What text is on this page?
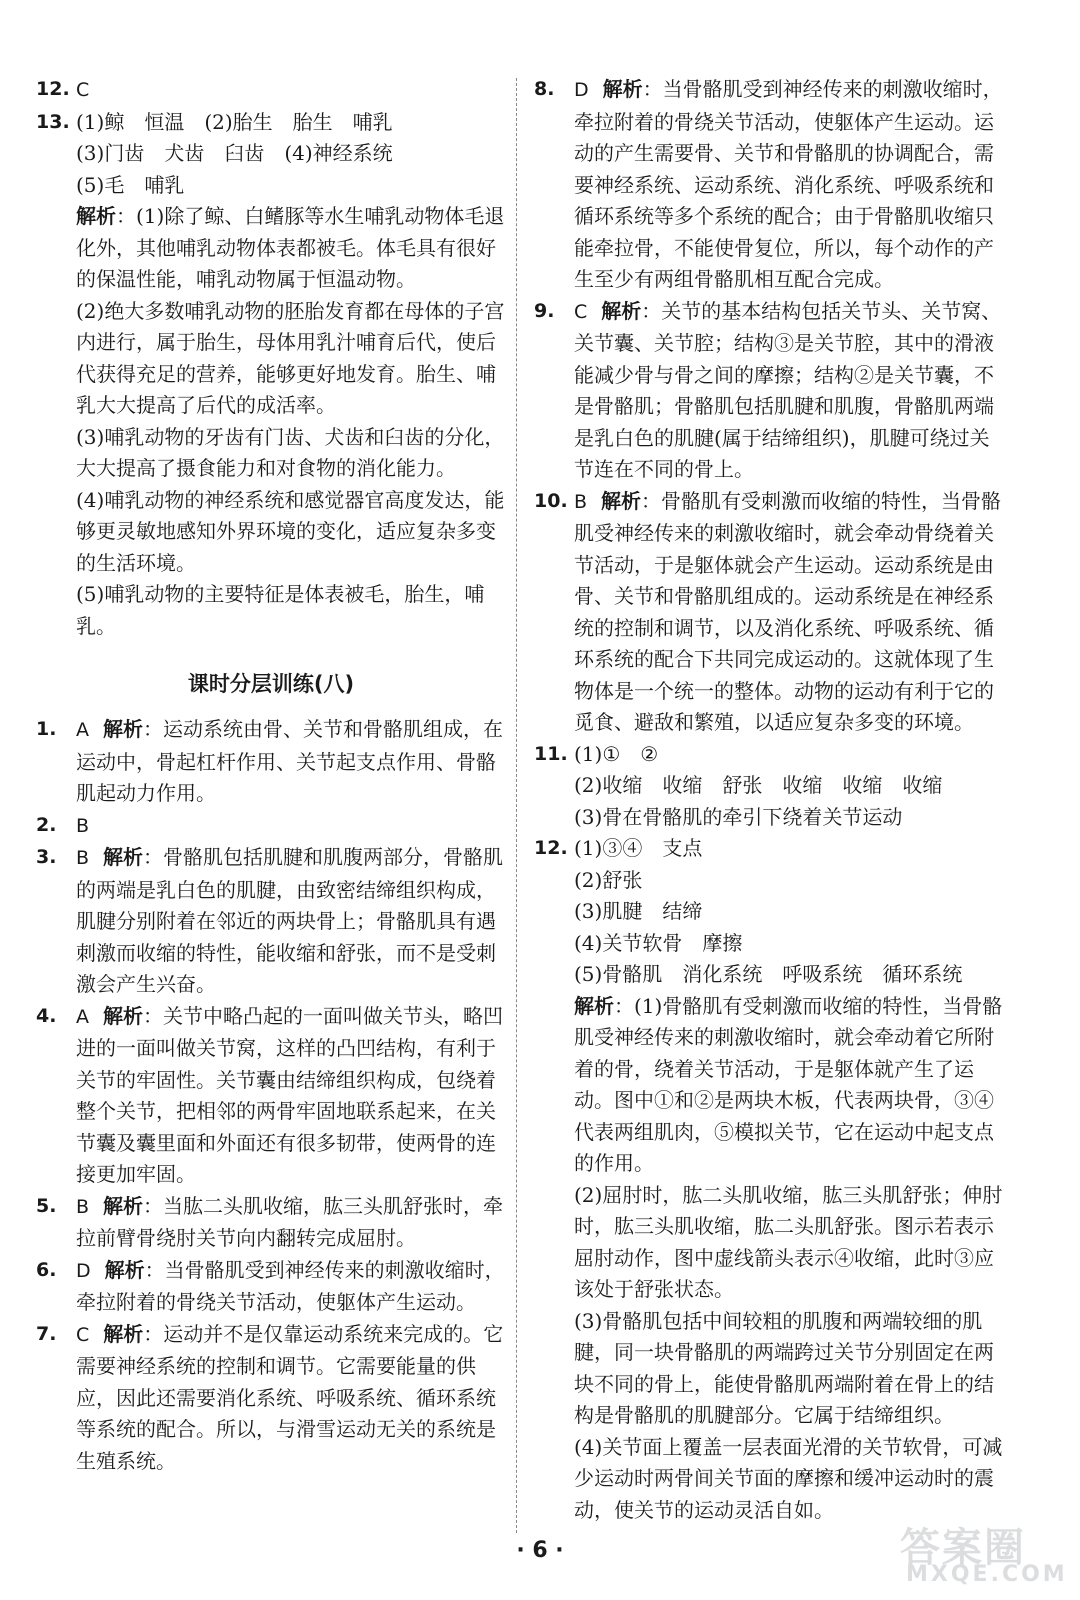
12. C
13. (1)鲸　恒温　(2)胎生　胎生　哺乳
(3)门齿　犬齿　臼齿　(4)神经系统
(5)毛　哺乳
解析：(1)除了鲸、白鳍豚等水生哺乳动物体毛退化外，其他哺乳动物体表都被毛。体毛具有很好的保温性能，哺乳动物属于恒温动物。
(2)绝大多数哺乳动物的胚胎发育都在母体的子宫内进行，属于胎生，母体用乳汁哺育后代，使后代获得充足的营养，能够更好地发育。胎生、哺乳大大提高了后代的成活率。
(3)哺乳动物的牙齿有门齿、犬齿和臼齿的分化，大大提高了摄食能力和对食物的消化能力。
(4)哺乳动物的神经系统和感觉器官高度发达，能够更灵敏地感知外界环境的变化，适应复杂多变的生活环境。
(5)哺乳动物的主要特征是体表被毛，胎生，哺乳。
课时分层训练(八)
1. A 解析：运动系统由骨、关节和骨骼肌组成，在运动中，骨起杠杆作用、关节起支点作用、骨骼肌起动力作用。
2. B
3. B 解析：骨骼肌包括肌腱和肌腹两部分，骨骼肌的两端是乳白色的肌腱，由致密结缔组织构成，肌腱分别附着在邻近的两块骨上；骨骼肌具有遇刺激而收缩的特性，能收缩和舒张，而不是受刺激会产生兴奋。
4. A 解析：关节中略凸起的一面叫做关节头，略凹进的一面叫做关节窝，这样的凸凹结构，有利于关节的牢固性。关节囊由结缔组织构成，包绕着整个关节，把相邻的两骨牢固地联系起来，在关节囊及囊里面和外面还有很多韧带，使两骨的连接更加牢固。
5. B 解析：当肱二头肌收缩，肱三头肌舒张时，牵拉前臂骨绕肘关节向内翻转完成屈肘。
6. D 解析：当骨骼肌受到神经传来的刺激收缩时，牵拉附着的骨绕关节活动，使躯体产生运动。
7. C 解析：运动并不是仅靠运动系统来完成的。它需要神经系统的控制和调节。它需要能量的供应，因此还需要消化系统、呼吸系统、循环系统等系统的配合。所以，与滑雪运动无关的系统是生殖系统。
8. D 解析：当骨骼肌受到神经传来的刺激收缩时，牵拉附着的骨绕关节活动，使躯体产生运动。运动的产生需要骨、关节和骨骼肌的协调配合，需要神经系统、运动系统、消化系统、呼吸系统和循环系统等多个系统的配合；由于骨骼肌收缩只能牵拉骨，不能使骨复位，所以，每个动作的产生至少有两组骨骼肌相互配合完成。
9. C 解析：关节的基本结构包括关节头、关节窝、关节囊、关节腔；结构③是关节腔，其中的滑液能减少骨与骨之间的摩擦；结构②是关节囊，不是骨骼肌；骨骼肌包括肌腱和肌腹，骨骼肌两端是乳白色的肌腱(属于结缔组织)，肌腱可绕过关节连在不同的骨上。
10. B 解析：骨骼肌有受刺激而收缩的特性，当骨骼肌受神经传来的刺激收缩时，就会牵动骨绕着关节活动，于是躯体就会产生运动。运动系统是由骨、关节和骨骼肌组成的。运动系统是在神经系统的控制和调节，以及消化系统、呼吸系统、循环系统的配合下共同完成运动的。这就体现了生物体是一个统一的整体。动物的运动有利于它的觅食、避敌和繁殖，以适应复杂多变的环境。
11. (1)①　②
(2)收缩　收缩　舒张　收缩　收缩　收缩
(3)骨在骨骼肌的牵引下绕着关节运动
12. (1)③④　支点
(2)舒张
(3)肌腱　结缔
(4)关节软骨　摩擦
(5)骨骼肌　消化系统　呼吸系统　循环系统
解析：(1)骨骼肌有受刺激而收缩的特性，当骨骼肌受神经传来的刺激收缩时，就会牵动着它所附着的骨，绕着关节活动，于是躯体就产生了运动。图中①和②是两块木板，代表两块骨，③④代表两组肌肉，⑤模拟关节，它在运动中起支点的作用。
(2)屈肘时，肱二头肌收缩，肱三头肌舒张；伸肘时，肱三头肌收缩，肱二头肌舒张。图示若表示屈肘动作，图中虚线箭头表示④收缩，此时③应该处于舒张状态。
(3)骨骼肌包括中间较粗的肌腹和两端较细的肌腱，同一块骨骼肌的两端跨过关节分别固定在两块不同的骨上，能使骨骼肌两端附着在骨上的结构是骨骼肌的肌腱部分。它属于结缔组织。
(4)关节面上覆盖一层表面光滑的关节软骨，可减少运动时两骨间关节面的摩擦和缓冲运动时的震动，使关节的运动灵活自如。
· 6 ·	答案圈
MXQE.COM
